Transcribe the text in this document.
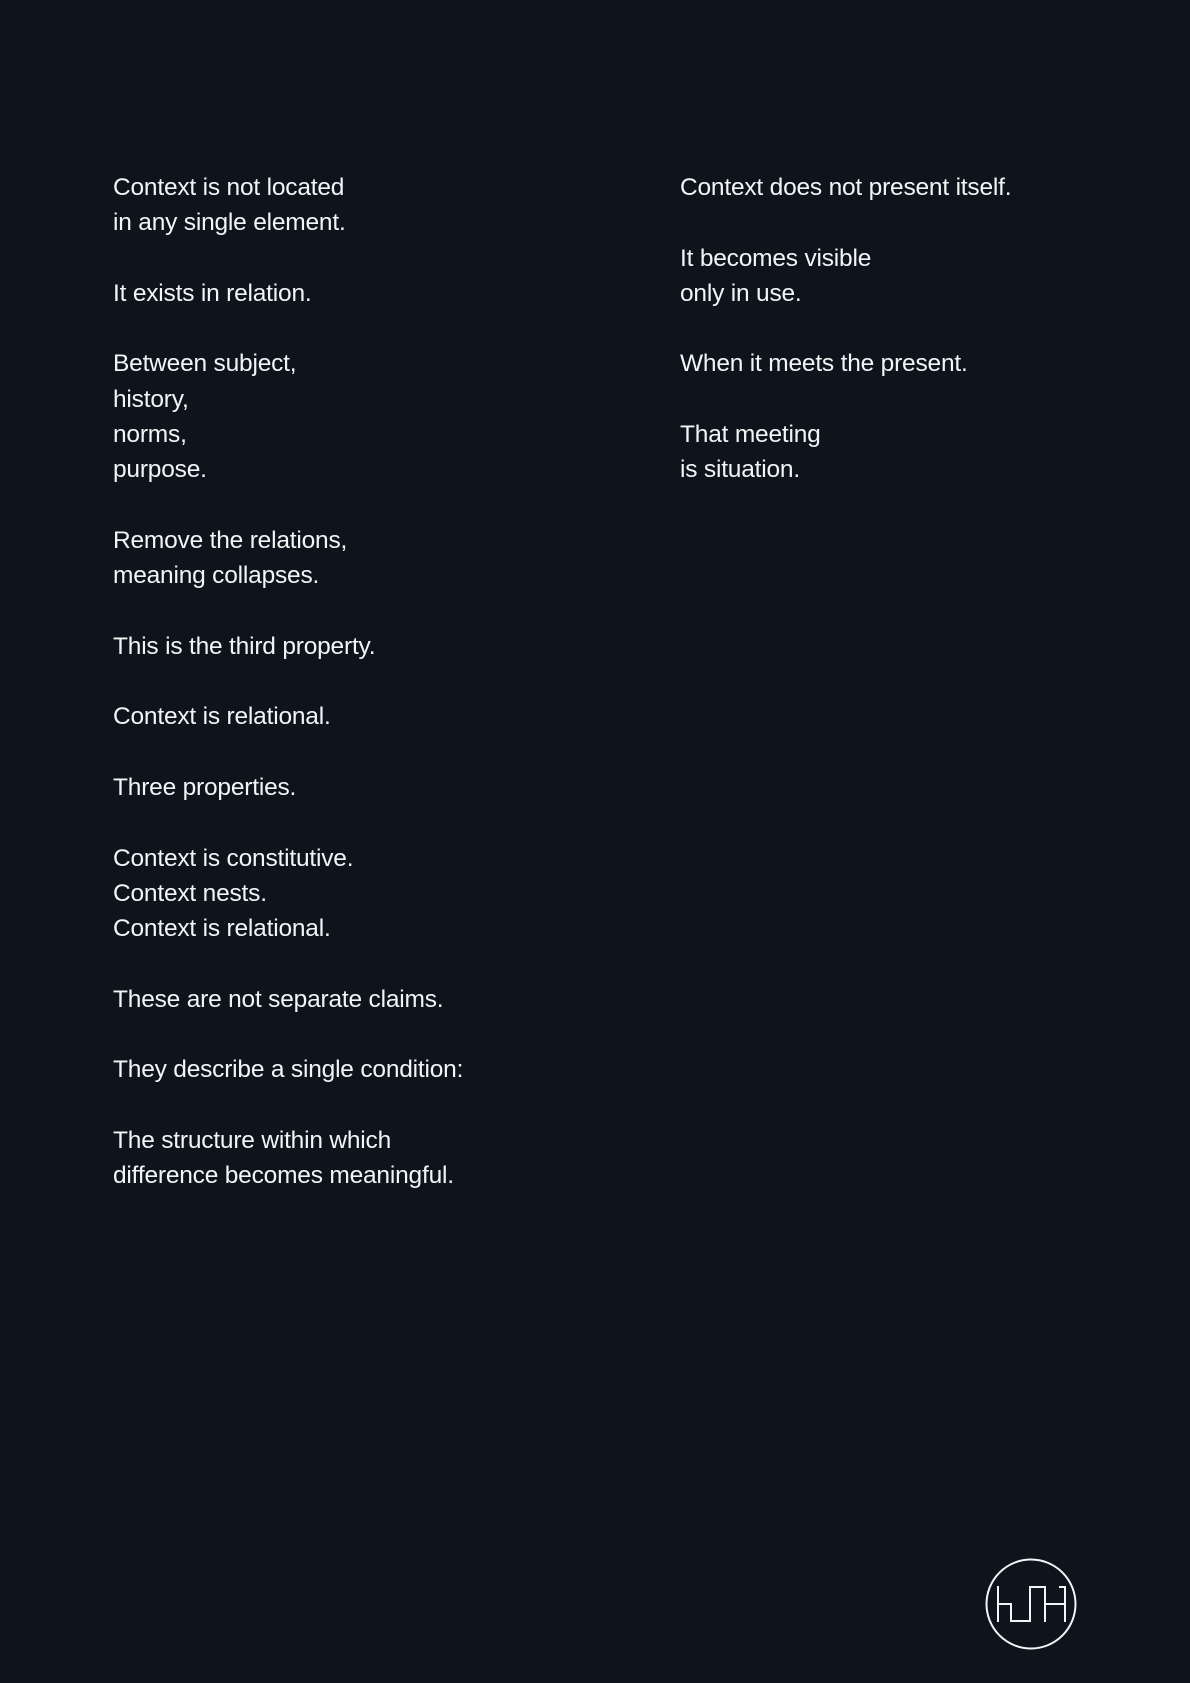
Context is not located
in any single element.

It exists in relation.

Between subject,
history,
norms,
purpose.

Remove the relations,
meaning collapses.

This is the third property.

Context is relational.

Three properties.

Context is constitutive.
Context nests.
Context is relational.

These are not separate claims.

They describe a single condition:

The structure within which
difference becomes meaningful.

Context does not present itself.

It becomes visible
only in use.

When it meets the present.

That meeting
is situation.
